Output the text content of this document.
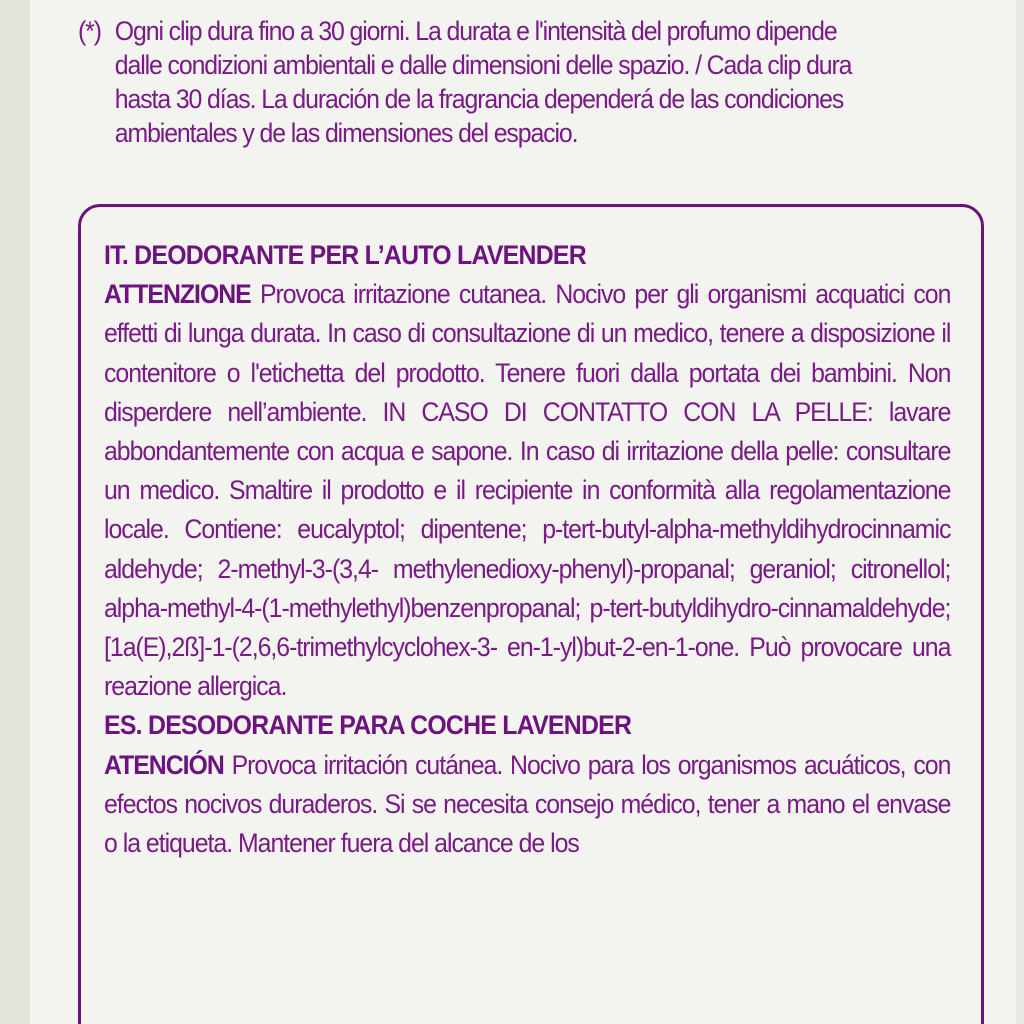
(*) Ogni clip dura fino a 30 giorni. La durata e l'intensità del profumo dipende
dalle condizioni ambientali e dalle dimensioni delle spazio. / Cada clip dura
hasta 30 días. La duración de la fragrancia dependerá de las condiciones
ambientales y de las dimensiones del espacio.
IT. DEODORANTE PER L’AUTO LAVENDER
ATTENZIONE Provoca irritazione cutanea. Nocivo per gli organismi acquatici con effetti di lunga durata. In caso di consultazione di un medico, tenere a disposizione il contenitore o l'etichetta del prodotto. Tenere fuori dalla portata dei bambini. Non disperdere nell’ambiente. IN CASO DI CONTATTO CON LA PELLE: lavare abbondantemente con acqua e sapone. In caso di irritazione della pelle: consultare un medico. Smaltire il prodotto e il recipiente in conformità alla regolamentazione locale. Contiene: eucalyptol; dipentene; p-tert-butyl-alpha-methyldihydrocinnamic aldehyde; 2-methyl-3-(3,4- methylenedioxy-phenyl)-propanal; geraniol; citronellol; alpha-methyl-4-(1-methylethyl)benzenpropanal; p-tert-butyldihydro-cinnamaldehyde; [1a(E),2ß]-1-(2,6,6-trimethylcyclohex-3- en-1-yl)but-2-en-1-one. Può provocare una reazione allergica.
ES. DESODORANTE PARA COCHE LAVENDER
ATENCIÓN Provoca irritación cutánea. Nocivo para los organismos acuáticos, con efectos nocivos duraderos. Si se necesita consejo médico, tener a mano el envase o la etiqueta. Mantener fuera del alcance de los
